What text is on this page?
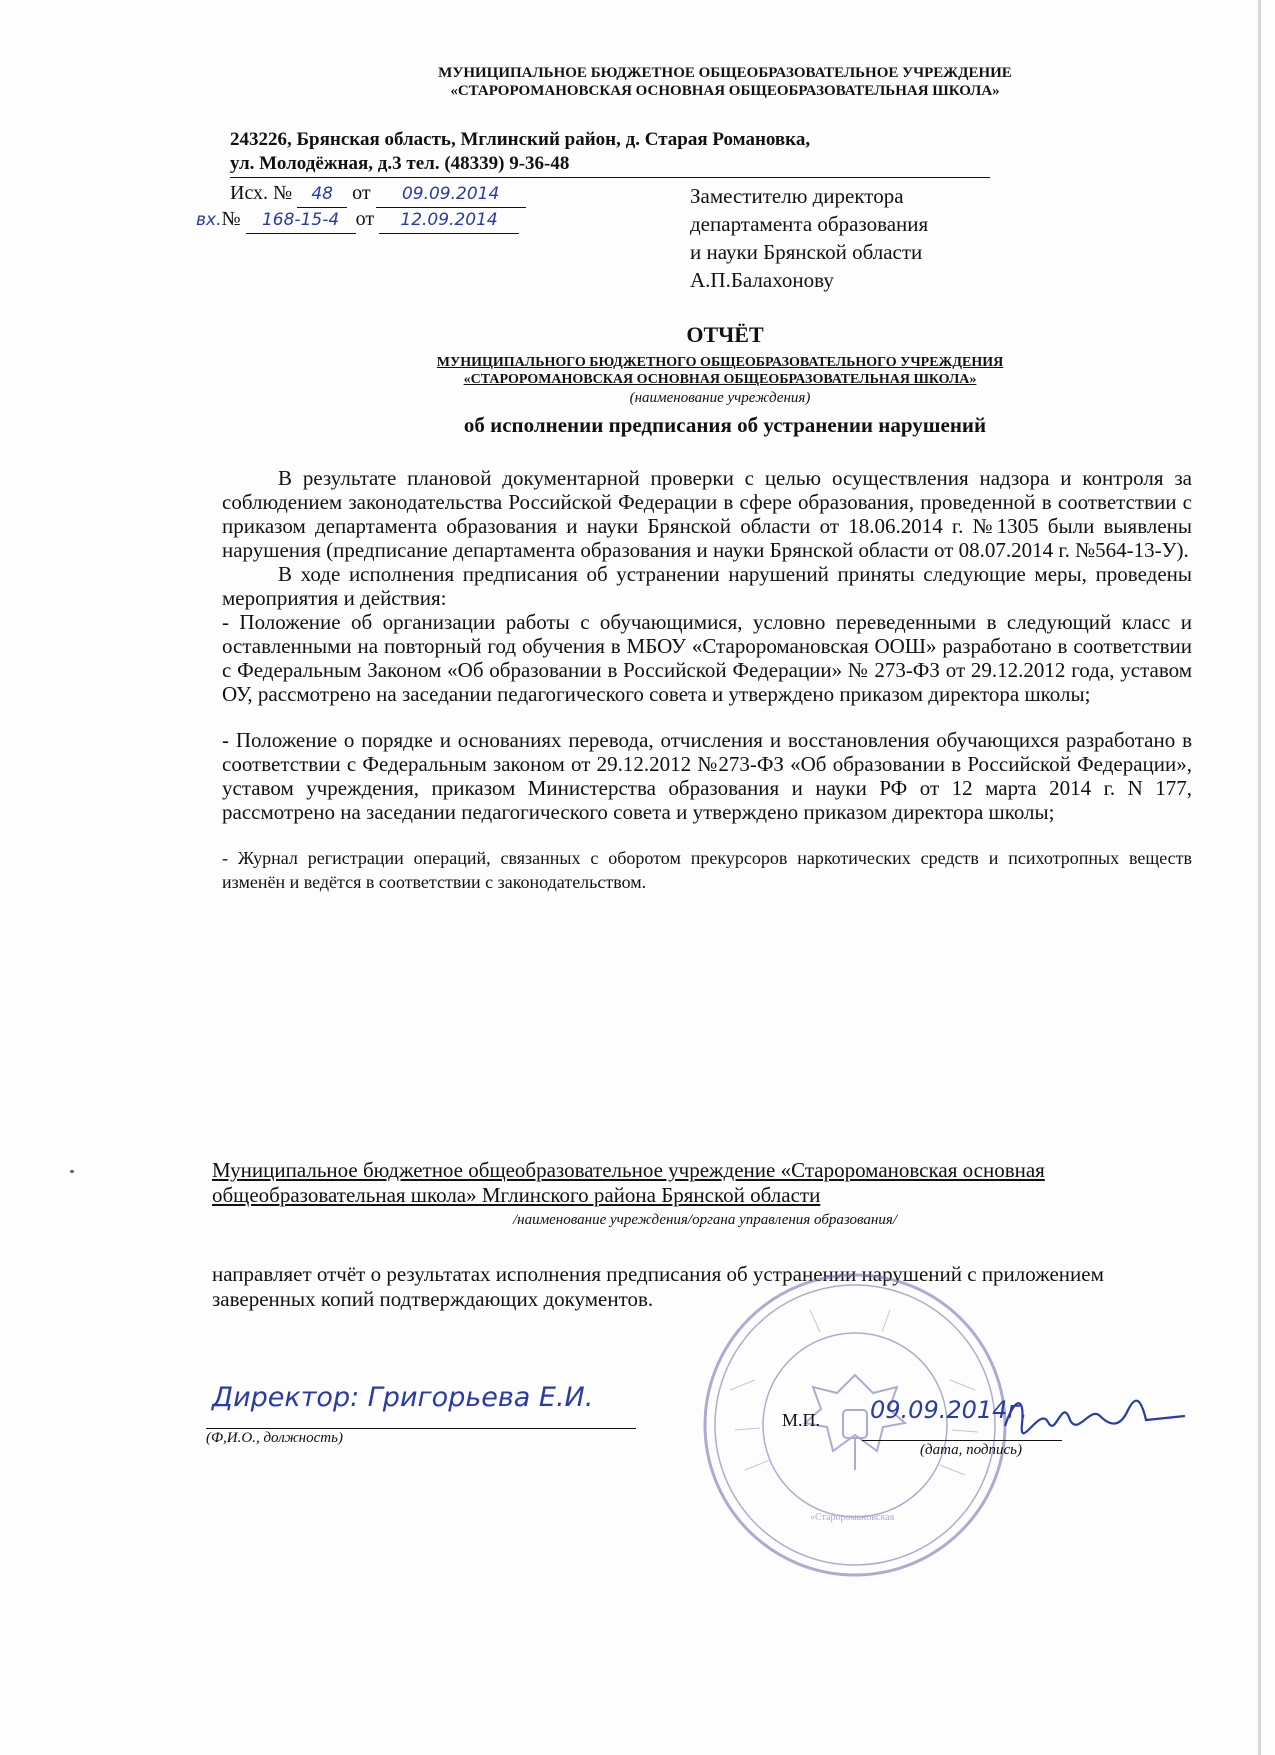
МУНИЦИПАЛЬНОЕ БЮДЖЕТНОЕ ОБЩЕОБРАЗОВАТЕЛЬНОЕ УЧРЕЖДЕНИЕ
«СТАРОРОМАНОВСКАЯ ОСНОВНАЯ ОБЩЕОБРАЗОВАТЕЛЬНАЯ ШКОЛА»
243226, Брянская область, Мглинский район, д. Старая Романовка,
ул. Молодёжная, д.3 тел. (48339) 9-36-48
Исх. № 48 от 09.09.2014
вх.№ 168-15-4 от 12.09.2014
Заместителю директора
департамента образования
и науки Брянской области
А.П.Балахонову
ОТЧЁТ
МУНИЦИПАЛЬНОГО БЮДЖЕТНОГО ОБЩЕОБРАЗОВАТЕЛЬНОГО УЧРЕЖДЕНИЯ
«СТАРОРОМАНОВСКАЯ ОСНОВНАЯ ОБЩЕОБРАЗОВАТЕЛЬНАЯ ШКОЛА»
(наименование учреждения)
об исполнении предписания об устранении нарушений

В результате плановой документарной проверки с целью осуществления надзора и контроля за соблюдением законодательства Российской Федерации в сфере образования, проведенной в соответствии с приказом департамента образования и науки Брянской области от 18.06.2014 г. №1305 были выявлены нарушения (предписание департамента образования и науки Брянской области от 08.07.2014 г. №564-13-У).

В ходе исполнения предписания об устранении нарушений приняты следующие меры, проведены мероприятия и действия:

- Положение об организации работы с обучающимися, условно переведенными в следующий класс и оставленными на повторный год обучения в МБОУ «Староромановская ООШ» разработано в соответствии с Федеральным Законом «Об образовании в Российской Федерации» № 273-ФЗ от 29.12.2012 года, уставом ОУ, рассмотрено на заседании педагогического совета и утверждено приказом директора школы;

- Положение о порядке и основаниях перевода, отчисления и восстановления обучающихся разработано в соответствии с Федеральным законом от 29.12.2012 №273-ФЗ «Об образовании в Российской Федерации», уставом учреждения, приказом Министерства образования и науки РФ от 12 марта 2014 г. N 177, рассмотрено на заседании педагогического совета и утверждено приказом директора школы;

- Журнал регистрации операций, связанных с оборотом прекурсоров наркотических средств и психотропных веществ изменён и ведётся в соответствии с законодательством.

Муниципальное бюджетное общеобразовательное учреждение «Староромановская основная общеобразовательная школа» Мглинского района Брянской области
/наименование учреждения/органа управления образования/
направляет отчёт о результатах исполнения предписания об устранении нарушений с приложением заверенных копий подтверждающих документов.
«Староромановская
Директор: Григорьева Е.И.
(Ф,И.О., должность)
М.П. 09.09.2014г.
(дата, подпись)
